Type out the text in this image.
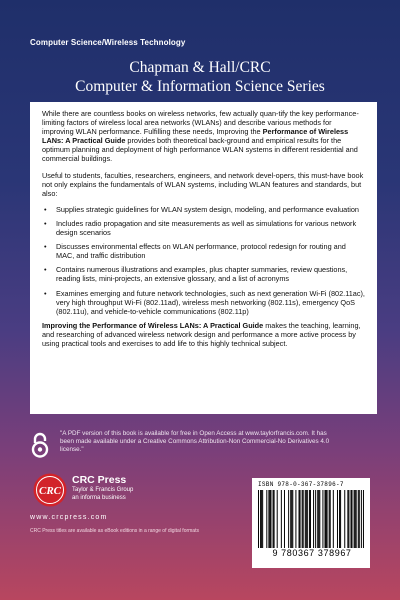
Computer Science/Wireless Technology
Chapman & Hall/CRC
Computer & Information Science Series

While there are countless books on wireless networks, few actually quan-tify the key performance-limiting factors of wireless local area networks (WLANs) and describe various methods for improving WLAN performance. Fulfilling these needs, Improving the Performance of Wireless LANs: A Practical Guide provides both theoretical back-ground and empirical results for the optimum planning and deployment of high performance WLAN systems in different residential and commercial buildings.

Useful to students, faculties, researchers, engineers, and network devel-opers, this must-have book not only explains the fundamentals of WLAN systems, including WLAN features and standards, but also:

• Supplies strategic guidelines for WLAN system design, modeling, and performance evaluation
• Includes radio propagation and site measurements as well as simulations for various network design scenarios
• Discusses environmental effects on WLAN performance, protocol redesign for routing and MAC, and traffic distribution
• Contains numerous illustrations and examples, plus chapter summaries, review questions, reading lists, mini-projects, an extensive glossary, and a list of acronyms
• Examines emerging and future network technologies, such as next generation Wi-Fi (802.11ac), very high throughput Wi-Fi (802.11ad), wireless mesh networking (802.11s), emergency QoS (802.11u), and vehicle-to-vehicle communications (802.11p)

Improving the Performance of Wireless LANs: A Practical Guide makes the teaching, learning, and researching of advanced wireless network design and performance a more active process by using practical tools and exercises to add life to this highly technical subject.

"A PDF version of this book is available for free in Open Access at www.taylorfrancis.com. It has been made available under a Creative Commons Attribution-Non Commercial-No Derivatives 4.0 license."
CRC
CRC Press
Taylor & Francis Group
an informa business
www.crcpress.com
CRC Press titles are available as eBook editions in a range of digital formats
ISBN 978-0-367-37896-7
9 780367 378967
